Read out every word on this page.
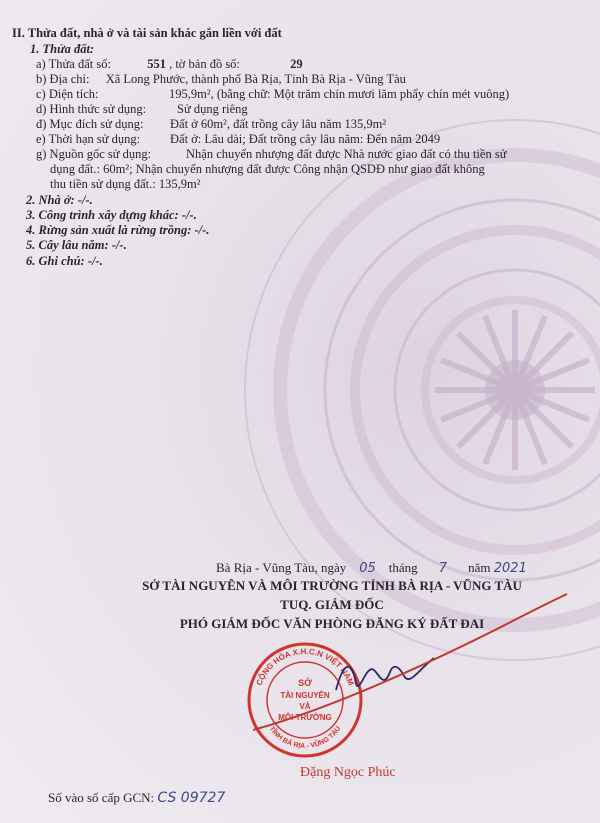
II. Thửa đất, nhà ở và tài sản khác gắn liền với đất
1. Thửa đất:
a) Thửa đất số:	551 , tờ bản đồ số:	29
b) Địa chỉ: Xã Long Phước, thành phố Bà Rịa, Tỉnh Bà Rịa - Vũng Tàu
c) Diện tích:	195,9m², (bằng chữ: Một trăm chín mươi lăm phẩy chín mét vuông)
d) Hình thức sử dụng: Sử dụng riêng
đ) Mục đích sử dụng: Đất ở 60m², đất trồng cây lâu năm 135,9m²
e) Thời hạn sử dụng: Đất ở: Lâu dài; Đất trồng cây lâu năm: Đến năm 2049
g) Nguồn gốc sử dụng:	Nhận chuyển nhượng đất được Nhà nước giao đất có thu tiền sử
dụng đất.: 60m²; Nhận chuyển nhượng đất được Công nhận QSDĐ như giao đất không
thu tiền sử dụng đất.: 135,9m²
2. Nhà ở: -/-.
3. Công trình xây dựng khác: -/-.
4. Rừng sản xuất là rừng trồng: -/-.
5. Cây lâu năm: -/-.
6. Ghi chú: -/-.
Bà Rịa - Vũng Tàu, ngày 05 tháng 7 năm 2021
SỞ TÀI NGUYÊN VÀ MÔI TRƯỜNG TỈNH BÀ RỊA - VŨNG TÀU
TUQ. GIÁM ĐỐC
PHÓ GIÁM ĐỐC VĂN PHÒNG ĐĂNG KÝ ĐẤT ĐAI
CỘNG HÒA X.H.C.N VIỆT NAM
TỈNH BÀ RỊA - VŨNG TÀU
SỞ
TÀI NGUYÊN
VÀ
MÔI TRƯỜNG
Đặng Ngọc Phúc
Số vào sổ cấp GCN: CS 09727
